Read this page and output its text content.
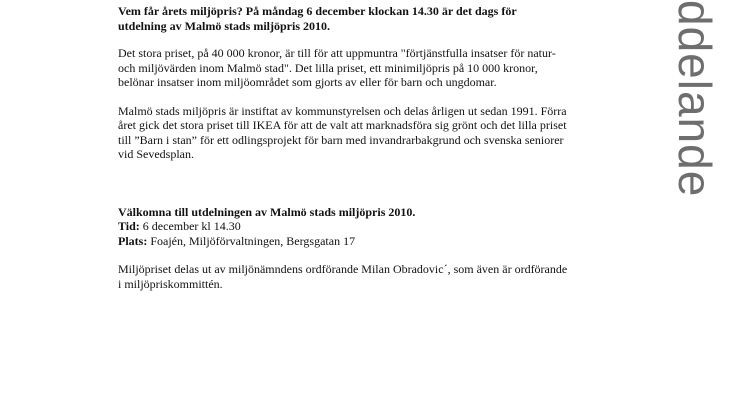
Vem får årets miljöpris? På måndag 6 december klockan 14.30 är det dags för utdelning av Malmö stads miljöpris 2010.

Det stora priset, på 40 000 kronor, är till för att uppmuntra "förtjänstfulla insatser för natur- och miljövärden inom Malmö stad". Det lilla priset, ett minimiljöpris på 10 000 kronor, belönar insatser inom miljöområdet som gjorts av eller för barn och ungdomar.

Malmö stads miljöpris är instiftat av kommunstyrelsen och delas årligen ut sedan 1991. Förra året gick det stora priset till IKEA för att de valt att marknadsföra sig grönt och det lilla priset till ”Barn i stan” för ett odlingsprojekt för barn med invandrarbakgrund och svenska seniorer vid Sevedsplan.

Välkomna till utdelningen av Malmö stads miljöpris 2010.

Tid: 6 december kl 14.30

Plats: Foajén, Miljöförvaltningen, Bergsgatan 17

Miljöpriset delas ut av miljönämndens ordförande Milan Obradovic´, som även är ordförande i miljöpriskommittén.

ddelande
